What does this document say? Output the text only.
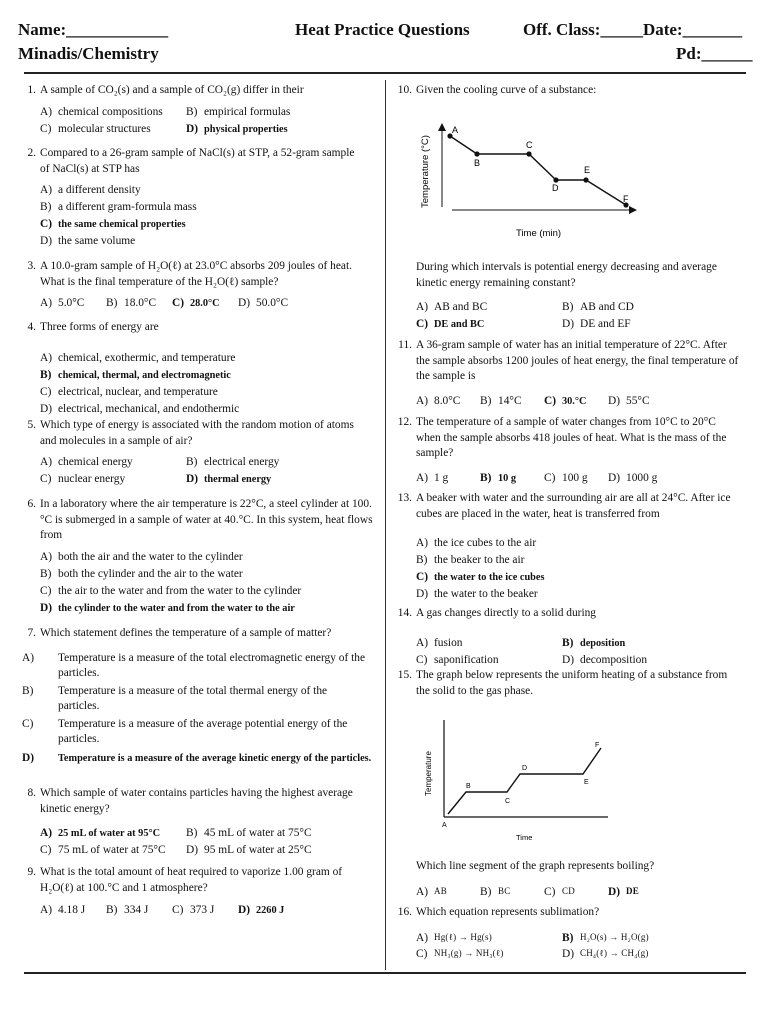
Name:____________	Heat Practice Questions	Off. Class:_____Date:_______
Minadis/Chemistry	Pd:______
1. A sample of CO₂(s) and a sample of CO₂(g) differ in their
A) chemical compositions B) empirical formulas
C) molecular structures	D) physical properties
2. Compared to a 26-gram sample of NaCl(s) at STP, a 52-gram sample of NaCl(s) at STP has
A) a different density
B) a different gram-formula mass
C) the same chemical properties
D) the same volume
3. A 10.0-gram sample of H₂O(ℓ) at 23.0°C absorbs 209 joules of heat. What is the final temperature of the H₂O(ℓ) sample?
A) 5.0°C B) 18.0°C C) 28.0°C D) 50.0°C
4. Three forms of energy are
A) chemical, exothermic, and temperature
B) chemical, thermal, and electromagnetic
C) electrical, nuclear, and temperature
D) electrical, mechanical, and endothermic
5. Which type of energy is associated with the random motion of atoms and molecules in a sample of air?
A) chemical energy	B) electrical energy
C) nuclear energy	D) thermal energy
6. In a laboratory where the air temperature is 22°C, a steel cylinder at 100.°C is submerged in a sample of water at 40.°C. In this system, heat flows from
A) both the air and the water to the cylinder
B) both the cylinder and the air to the water
C) the air to the water and from the water to the cylinder
D) the cylinder to the water and from the water to the air
7. Which statement defines the temperature of a sample of matter?
A) Temperature is a measure of the total electromagnetic energy of the particles.
B) Temperature is a measure of the total thermal energy of the particles.
C) Temperature is a measure of the average potential energy of the particles.
D) Temperature is a measure of the average kinetic energy of the particles.
8. Which sample of water contains particles having the highest average kinetic energy?
A) 25 mL of water at 95°C B) 45 mL of water at 75°C
C) 75 mL of water at 75°C D) 95 mL of water at 25°C
9. What is the total amount of heat required to vaporize 1.00 gram of H₂O(ℓ) at 100.°C and 1 atmosphere?
A) 4.18 J B) 334 J C) 373 J D) 2260 J
10. Given the cooling curve of a substance:
Temperature (°C)
A
B
C
D
E
F
Time (min)
During which intervals is potential energy decreasing and average kinetic energy remaining constant?
A) AB and BC	B) AB and CD
C) DE and BC	D) DE and EF
11. A 36-gram sample of water has an initial temperature of 22°C. After the sample absorbs 1200 joules of heat energy, the final temperature of the sample is
A) 8.0°C B) 14°C C) 30.°C D) 55°C
12. The temperature of a sample of water changes from 10°C to 20°C when the sample absorbs 418 joules of heat. What is the mass of the sample?
A) 1 g	B) 10 g C) 100 g D) 1000 g
13. A beaker with water and the surrounding air are all at 24°C. After ice cubes are placed in the water, heat is transferred from
A) the ice cubes to the air
B) the beaker to the air
C) the water to the ice cubes
D) the water to the beaker
14. A gas changes directly to a solid during
A) fusion	B) deposition
C) saponification	D) decomposition
15. The graph below represents the uniform heating of a substance from the solid to the gas phase.
Temperature
A
B
C
D
E
F
Time
Which line segment of the graph represents boiling?
A) AB	B) BC	C) CD	D) DE
16. Which equation represents sublimation?
A) Hg(ℓ) → Hg(s)	B) H₂O(s) → H₂O(g)
C) NH₃(g) → NH₃(ℓ)	D) CH₄(ℓ) → CH₄(g)
